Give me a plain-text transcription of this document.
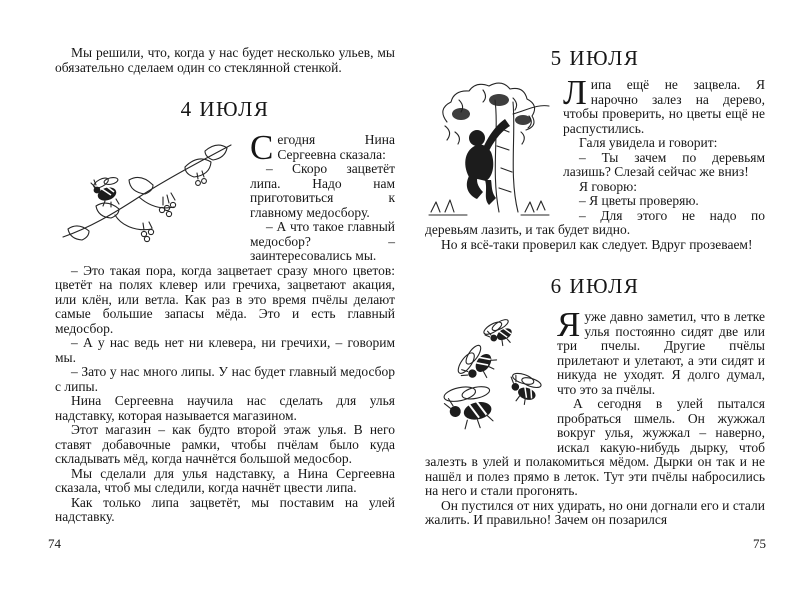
Мы решили, что, когда у нас будет несколько ульев, мы обязательно сделаем один со стеклянной стенкой.

4 ИЮЛЯ

Сегодня Нина Сергеевна сказала:

– Скоро зацветёт липа. Надо нам приготовиться к главному медосбору.

– А что такое главный медосбор? – заинтересовались мы.

– Это такая пора, когда зацветает сразу много цветов: цветёт на полях клевер или гречиха, зацветают акация, или клён, или ветла. Как раз в это время пчёлы делают самые большие запасы мёда. Это и есть главный медосбор.

– А у нас ведь нет ни клевера, ни гречихи, – говорим мы.

– Зато у нас много липы. У нас будет главный медосбор с липы.

Нина Сергеевна научила нас сделать для улья надставку, которая называется магазином.

Этот магазин – как будто второй этаж улья. В него ставят добавочные рамки, чтобы пчёлам было куда складывать мёд, когда начнётся большой медосбор.

Мы сделали для улья надставку, а Нина Сергеевна сказала, чтоб мы следили, когда начнёт цвести липа.

Как только липа зацветёт, мы поставим на улей надставку.

5 ИЮЛЯ

Липа ещё не зацвела. Я нарочно залез на дерево, чтобы проверить, но цветы ещё не распустились.

Галя увидела и говорит:

– Ты зачем по деревьям лазишь? Слезай сейчас же вниз!

Я говорю:

– Я цветы проверяю.

– Для этого не надо по деревьям лазить, и так будет видно.

Но я всё-таки проверил как следует. Вдруг прозеваем!

6 ИЮЛЯ

Яуже давно заметил, что в летке улья постоянно сидят две или три пчелы. Другие пчёлы прилетают и улетают, а эти сидят и никуда не уходят. Я долго думал, что это за пчёлы.

А сегодня в улей пытался пробраться шмель. Он жужжал вокруг улья, жужжал – наверно, искал какую-нибудь дырку, чтоб залезть в улей и полакомиться мёдом. Дырки он так и не нашёл и полез прямо в леток. Тут эти пчёлы набросились на него и стали прогонять.

Он пустился от них удирать, но они догнали его и стали жалить. И правильно! Зачем он позарился

74	75
